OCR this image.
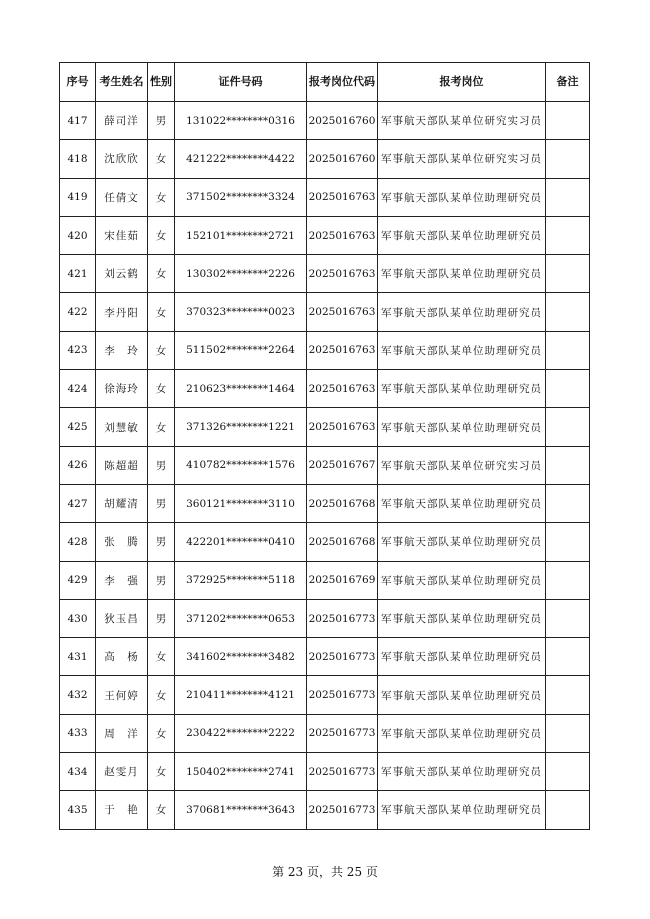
序号	考生姓名	性别	证件号码	报考岗位代码	报考岗位	备注
417	薛司洋	男	131022********0316	2025016760	军事航天部队某单位研究实习员	
418	沈欣欣	女	421222********4422	2025016760	军事航天部队某单位研究实习员	
419	任倩文	女	371502********3324	2025016763	军事航天部队某单位助理研究员	
420	宋佳茹	女	152101********2721	2025016763	军事航天部队某单位助理研究员	
421	刘云鹤	女	130302********2226	2025016763	军事航天部队某单位助理研究员	
422	李丹阳	女	370323********0023	2025016763	军事航天部队某单位助理研究员	
423	李　玲	女	511502********2264	2025016763	军事航天部队某单位助理研究员	
424	徐海玲	女	210623********1464	2025016763	军事航天部队某单位助理研究员	
425	刘慧敏	女	371326********1221	2025016763	军事航天部队某单位助理研究员	
426	陈超超	男	410782********1576	2025016767	军事航天部队某单位研究实习员	
427	胡耀清	男	360121********3110	2025016768	军事航天部队某单位助理研究员	
428	张　腾	男	422201********0410	2025016768	军事航天部队某单位助理研究员	
429	李　强	男	372925********5118	2025016769	军事航天部队某单位助理研究员	
430	狄玉昌	男	371202********0653	2025016773	军事航天部队某单位助理研究员	
431	高　杨	女	341602********3482	2025016773	军事航天部队某单位助理研究员	
432	王何婷	女	210411********4121	2025016773	军事航天部队某单位助理研究员	
433	周　洋	女	230422********2222	2025016773	军事航天部队某单位助理研究员	
434	赵雯月	女	150402********2741	2025016773	军事航天部队某单位助理研究员	
435	于　艳	女	370681********3643	2025016773	军事航天部队某单位助理研究员	
第 23 页，共 25 页
